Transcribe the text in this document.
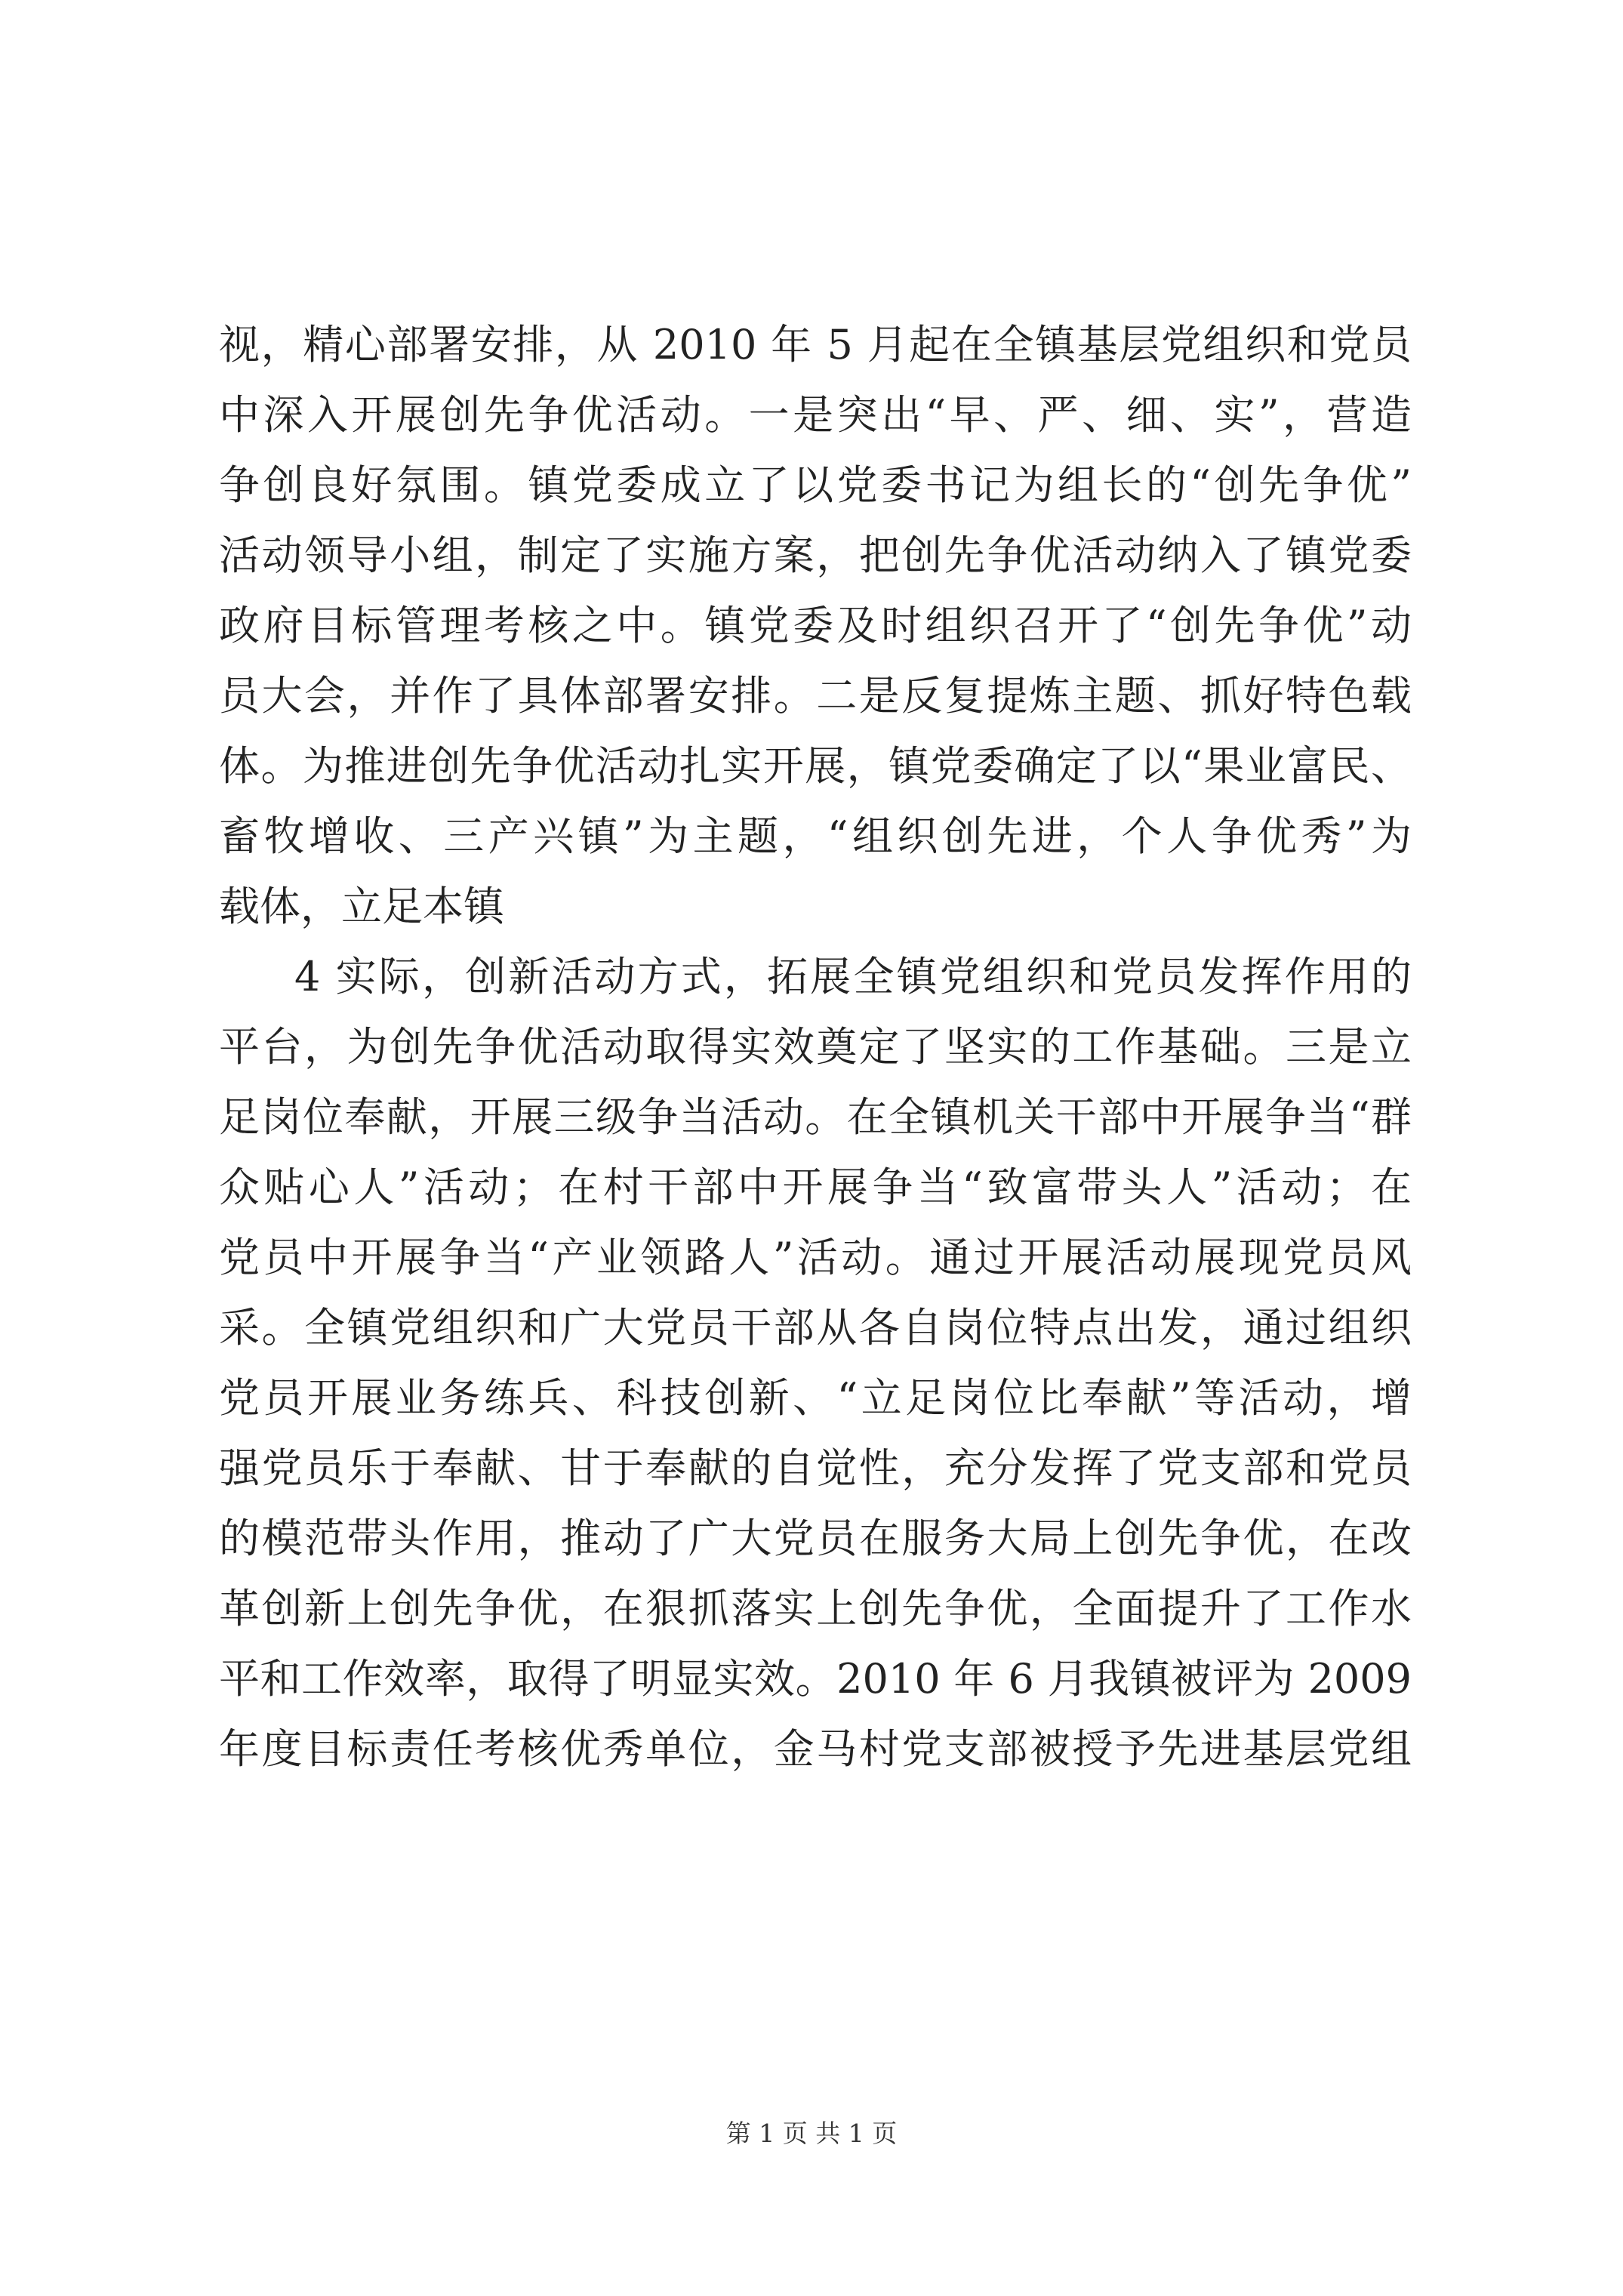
视，精心部署安排，从 2010 年 5 月起在全镇基层党组织和党员
中深入开展创先争优活动。一是突出“早、严、细、实”，营造
争创良好氛围。镇党委成立了以党委书记为组长的“创先争优”
活动领导小组，制定了实施方案，把创先争优活动纳入了镇党委
政府目标管理考核之中。镇党委及时组织召开了“创先争优”动
员大会，并作了具体部署安排。二是反复提炼主题、抓好特色载
体。为推进创先争优活动扎实开展，镇党委确定了以“果业富民、
畜牧增收、三产兴镇”为主题，“组织创先进，个人争优秀”为
载体，立足本镇
4 实际，创新活动方式，拓展全镇党组织和党员发挥作用的
平台，为创先争优活动取得实效奠定了坚实的工作基础。三是立
足岗位奉献，开展三级争当活动。在全镇机关干部中开展争当“群
众贴心人”活动；在村干部中开展争当“致富带头人”活动；在
党员中开展争当“产业领路人”活动。通过开展活动展现党员风
采。全镇党组织和广大党员干部从各自岗位特点出发，通过组织
党员开展业务练兵、科技创新、“立足岗位比奉献”等活动，增
强党员乐于奉献、甘于奉献的自觉性，充分发挥了党支部和党员
的模范带头作用，推动了广大党员在服务大局上创先争优，在改
革创新上创先争优，在狠抓落实上创先争优，全面提升了工作水
平和工作效率，取得了明显实效。2010 年 6 月我镇被评为 2009
年度目标责任考核优秀单位，金马村党支部被授予先进基层党组
第 1 页 共 1 页
